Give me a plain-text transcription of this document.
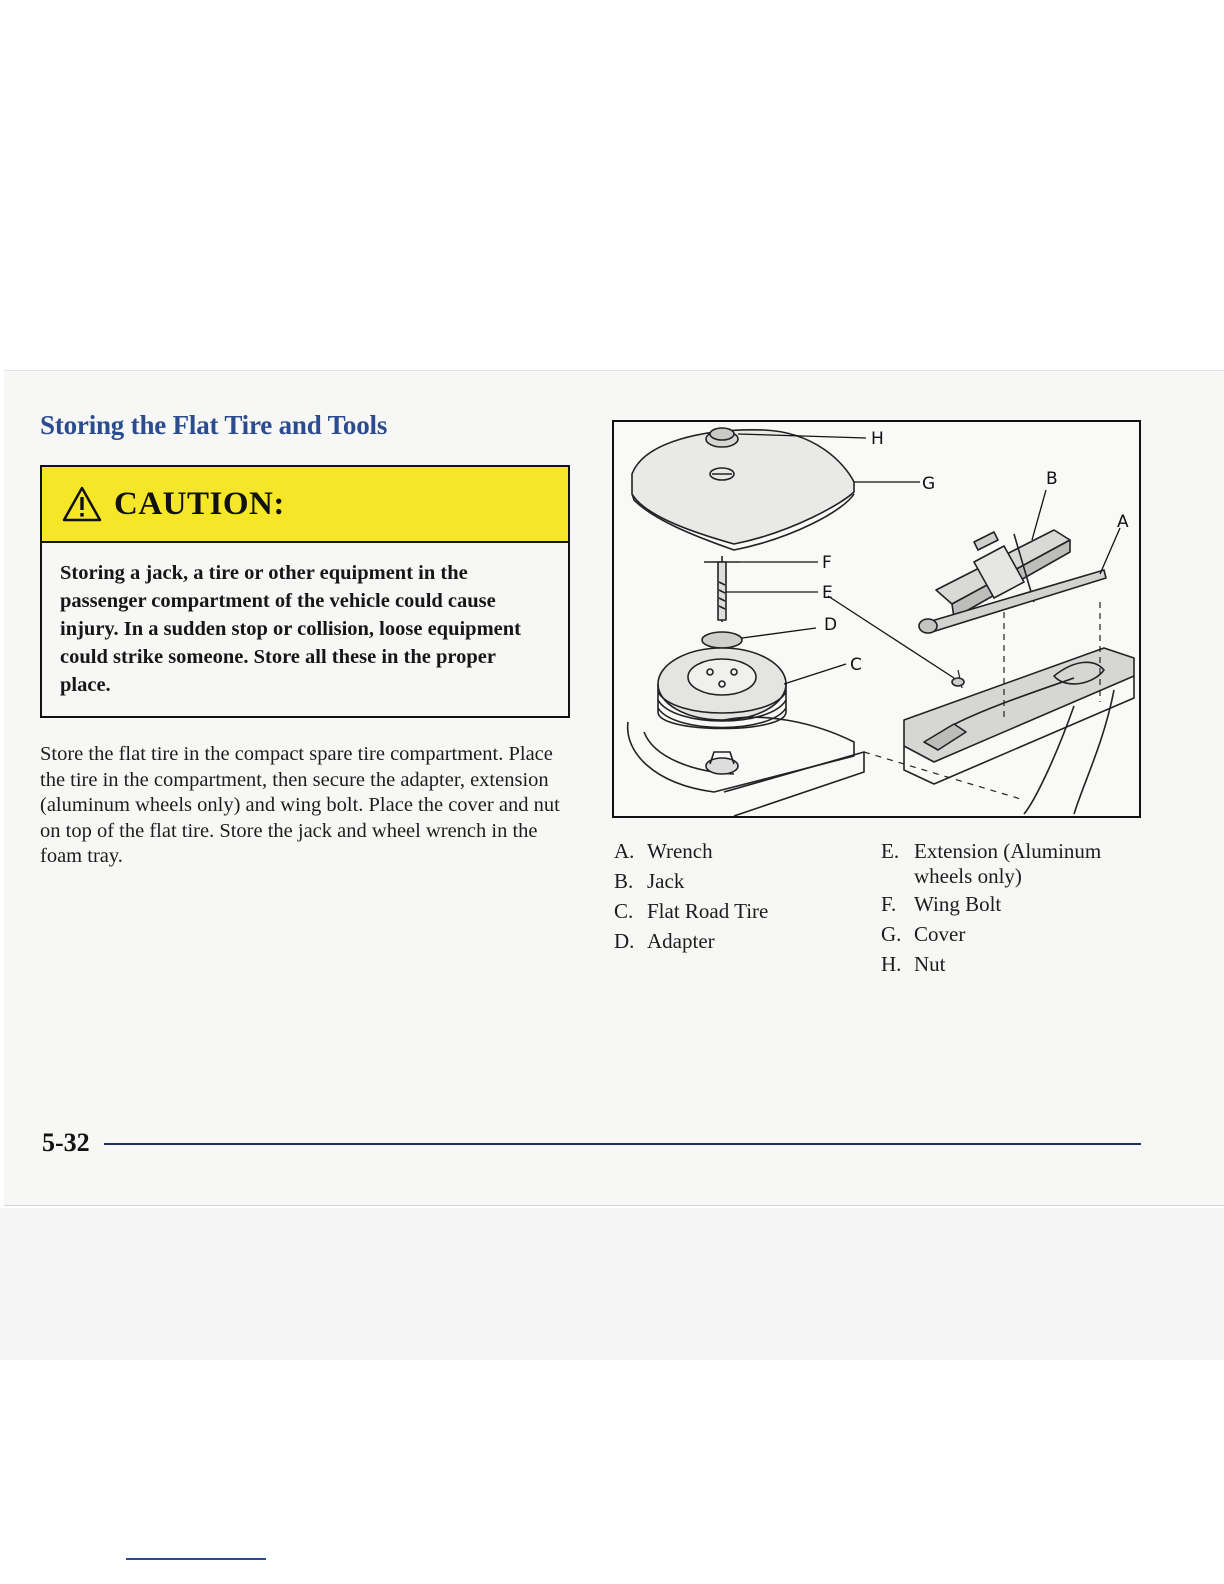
Storing the Flat Tire and Tools
CAUTION:
Storing a jack, a tire or other equipment in the passenger compartment of the vehicle could cause injury. In a sudden stop or collision, loose equipment could strike someone. Store all these in the proper place.

Store the flat tire in the compact spare tire compartment. Place the tire in the compartment, then secure the adapter, extension (aluminum wheels only) and wing bolt. Place the cover and nut on top of the flat tire. Store the jack and wheel wrench in the foam tray.

H
G	B
A
F
E
D
C
A. Wrench
B. Jack
C. Flat Road Tire
D. Adapter
E. Extension (Aluminum wheels only)
F. Wing Bolt
G. Cover
H. Nut
5-32
